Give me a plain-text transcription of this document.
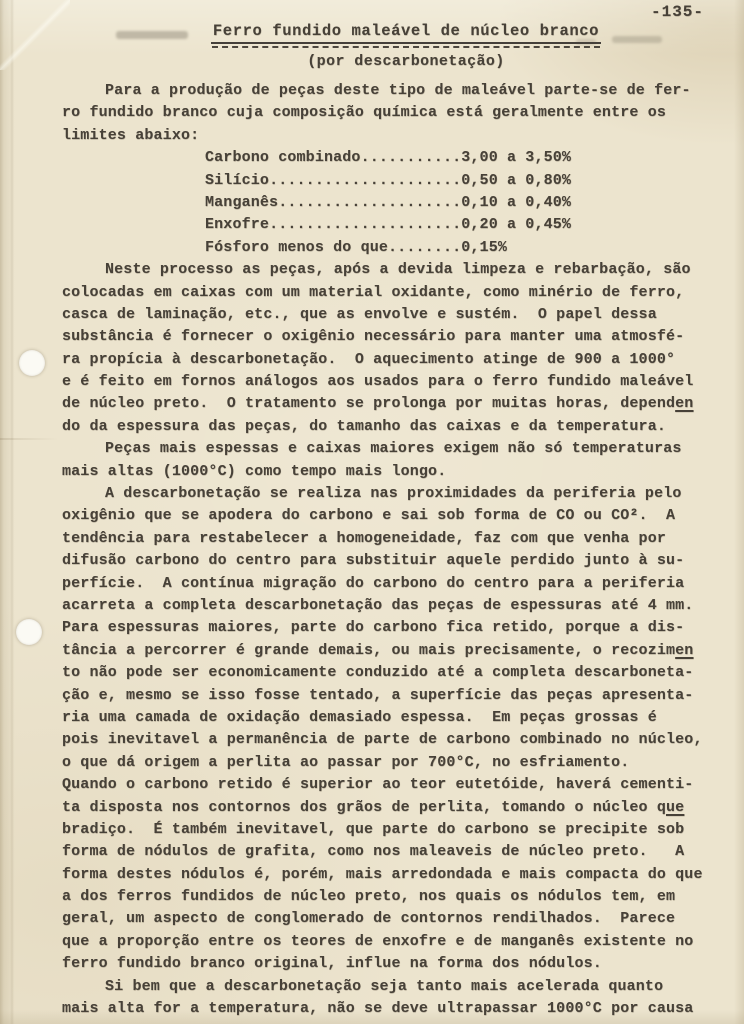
-135-
Ferro fundido maleável de núcleo branco
(por descarbonetação)
Para a produção de peças deste tipo de maleável parte-se de fer-
ro fundido branco cuja composição química está geralmente entre os
limites abaixo:
Carbono combinado...........3,00 a 3,50%
Silício.....................0,50 a 0,80%
Manganês....................0,10 a 0,40%
Enxofre.....................0,20 a 0,45%
Fósforo menos do que........0,15%
Neste processo as peças, após a devida limpeza e rebarbação, são
colocadas em caixas com um material oxidante, como minério de ferro,
casca de laminação, etc., que as envolve e sustém.  O papel dessa
substância é fornecer o oxigênio necessário para manter uma atmosfé-
ra propícia à descarbonetação.  O aquecimento atinge de 900 a 1000°
e é feito em fornos análogos aos usados para o ferro fundido maleável
de núcleo preto.  O tratamento se prolonga por muitas horas, dependen
do da espessura das peças, do tamanho das caixas e da temperatura.
Peças mais espessas e caixas maiores exigem não só temperaturas
mais altas (1000°C) como tempo mais longo.
A descarbonetação se realiza nas proximidades da periferia pelo
oxigênio que se apodera do carbono e sai sob forma de CO ou CO².  A
tendência para restabelecer a homogeneidade, faz com que venha por
difusão carbono do centro para substituir aquele perdido junto à su-
perfície.  A contínua migração do carbono do centro para a periferia
acarreta a completa descarbonetação das peças de espessuras até 4 mm.
Para espessuras maiores, parte do carbono fica retido, porque a dis-
tância a percorrer é grande demais, ou mais precisamente, o recozimen
to não pode ser economicamente conduzido até a completa descarboneta-
ção e, mesmo se isso fosse tentado, a superfície das peças apresenta-
ria uma camada de oxidação demasiado espessa.  Em peças grossas é
pois inevitavel a permanência de parte de carbono combinado no núcleo,
o que dá origem a perlita ao passar por 700°C, no esfriamento.
Quando o carbono retido é superior ao teor eutetóide, haverá cementi-
ta disposta nos contornos dos grãos de perlita, tomando o núcleo que
bradiço.  É também inevitavel, que parte do carbono se precipite sob
forma de nódulos de grafita, como nos maleaveis de núcleo preto.   A
forma destes nódulos é, porém, mais arredondada e mais compacta do que
a dos ferros fundidos de núcleo preto, nos quais os nódulos tem, em
geral, um aspecto de conglomerado de contornos rendilhados.  Parece
que a proporção entre os teores de enxofre e de manganês existente no
ferro fundido branco original, influe na forma dos nódulos.
Si bem que a descarbonetação seja tanto mais acelerada quanto
mais alta for a temperatura, não se deve ultrapassar 1000°C por causa
